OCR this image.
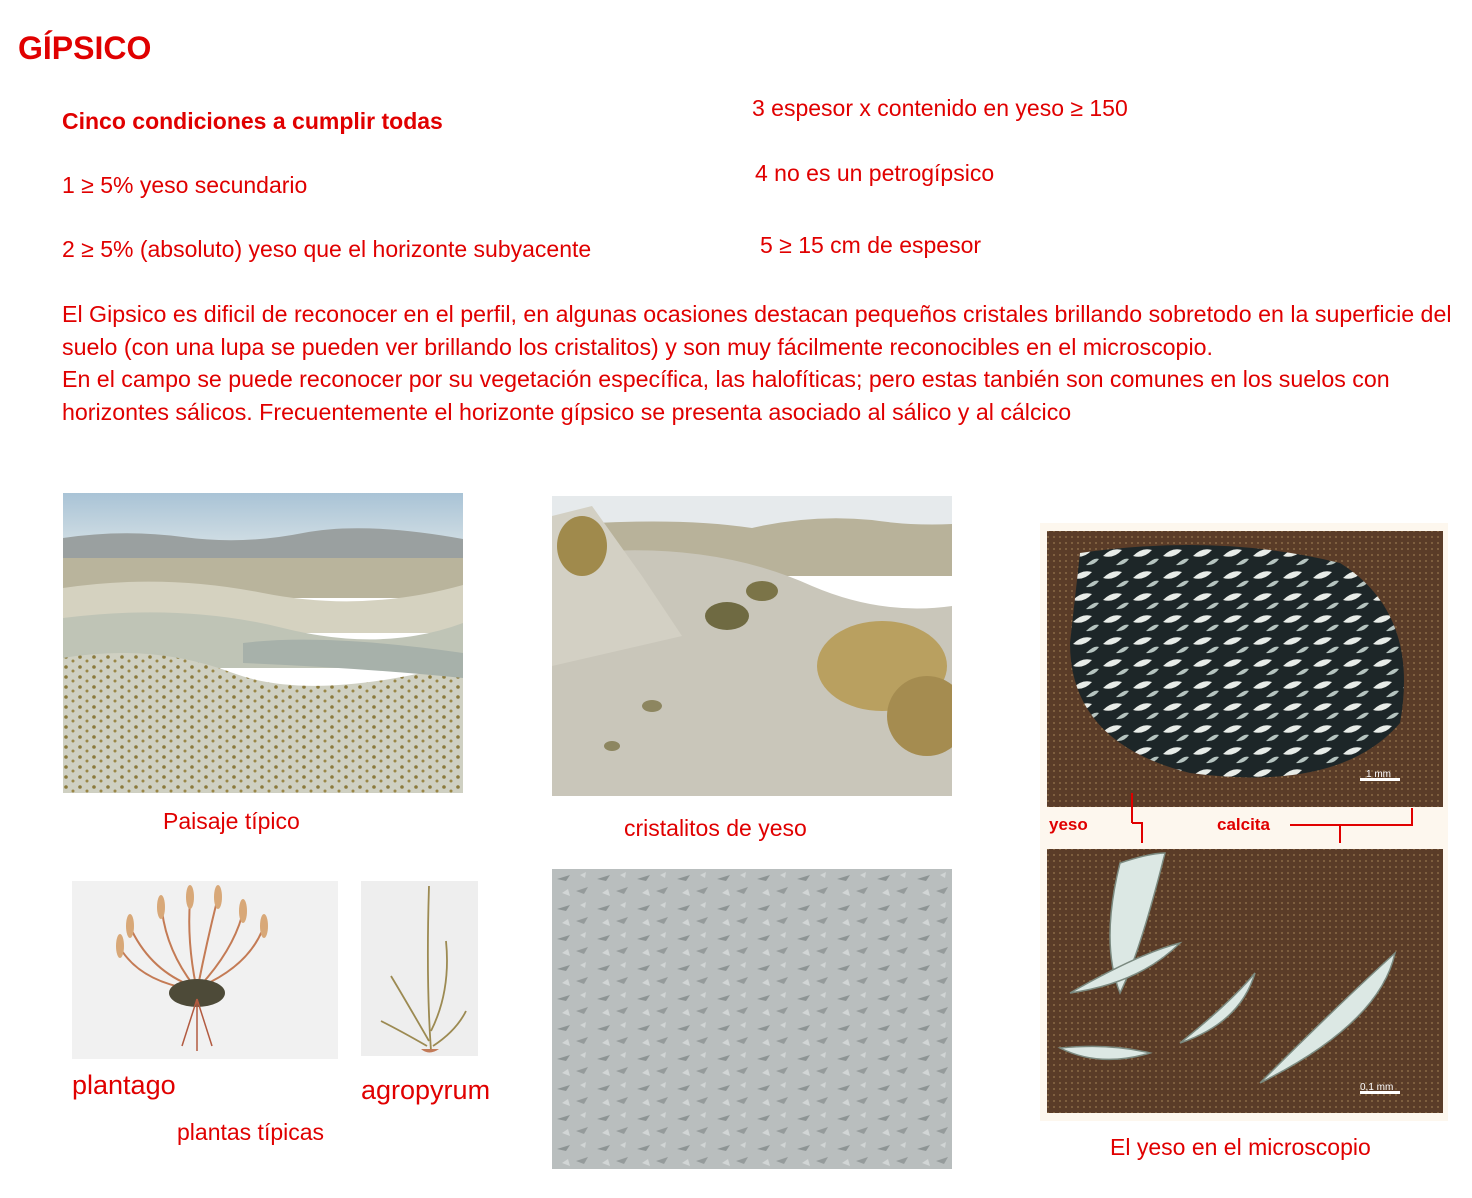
GÍPSICO
Cinco condiciones a cumplir todas
1 ≥ 5% yeso secundario
2 ≥ 5% (absoluto) yeso que el horizonte subyacente
3 espesor x contenido en yeso ≥ 150
4 no es un petrogípsico
5 ≥ 15 cm de espesor
El Gipsico es dificil de reconocer en el perfil, en algunas ocasiones destacan pequeños cristales brillando sobretodo en la superficie del suelo (con una lupa se pueden ver brillando los cristalitos) y son muy fácilmente reconocibles en el microscopio.
En el campo se puede reconocer por su vegetación específica, las halofíticas; pero estas tanbién son comunes en los suelos con horizontes sálicos. Frecuentemente el horizonte gípsico se presenta asociado al sálico y al cálcico
Paisaje típico	cristalitos de yeso
plantago	agropyrum
plantas típicas
1 mm
0,1 mm
yeso	calcita
El yeso en el microscopio
